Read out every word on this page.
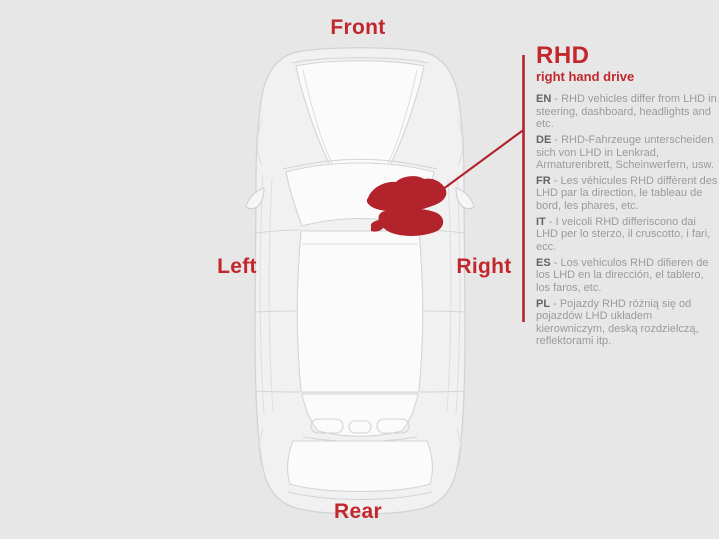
Front
Left	Right
Rear
RHD
right hand drive

EN - RHD vehicles differ from LHD in steering, dashboard, headlights and etc.

DE - RHD-Fahrzeuge unterscheiden sich von LHD in Lenkrad, Armaturenbrett, Scheinwerfern, usw.

FR - Les véhicules RHD diffèrent des LHD par la direction, le tableau de bord, les phares, etc.

IT - I veicoli RHD differiscono dai LHD per lo sterzo, il cruscotto, i fari, ecc.

ES - Los vehiculos RHD difieren de los LHD en la dirección, el tablero, los faros, etc.

PL - Pojazdy RHD różnią się od pojazdów LHD układem kierowniczym, deską rozdzielczą, reflektorami itp.
